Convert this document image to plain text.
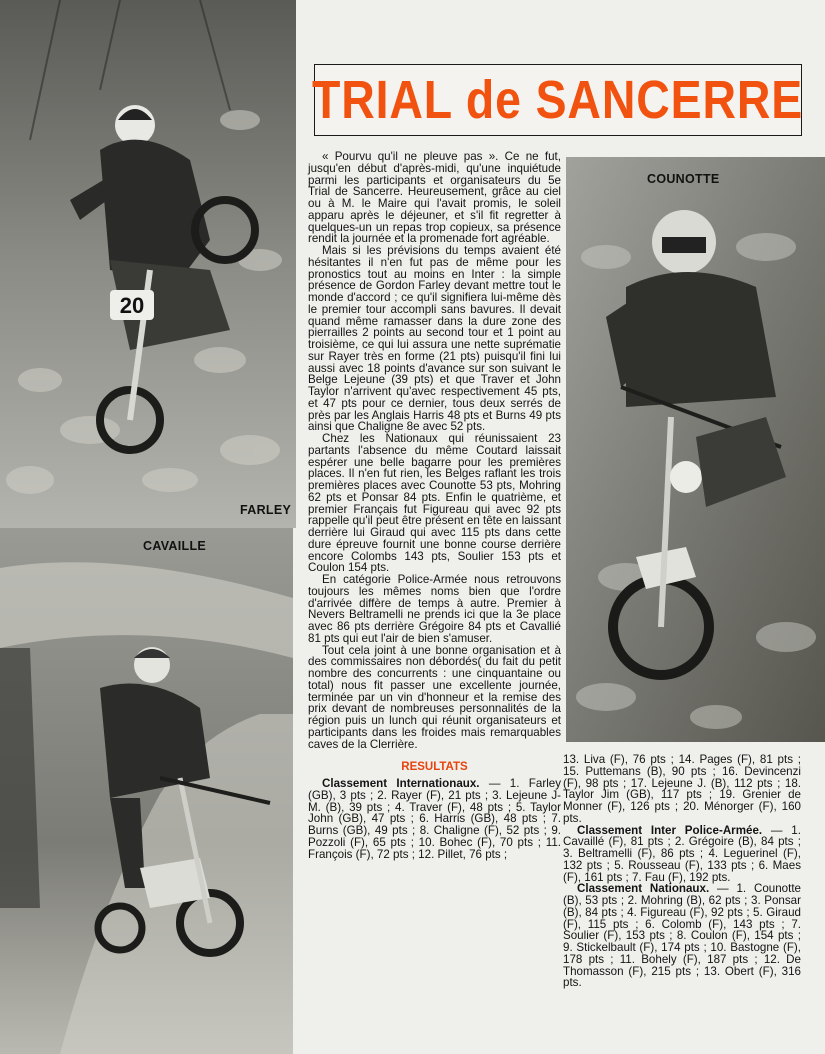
20
FARLEY
CAVAILLE
COUNOTTE
TRIAL de SANCERRE

« Pourvu qu'il ne pleuve pas ». Ce ne fut, jusqu'en début d'après-midi, qu'une inquiétude parmi les participants et organisateurs du 5e Trial de Sancerre. Heureusement, grâce au ciel ou à M. le Maire qui l'avait promis, le soleil apparu après le déjeuner, et s'il fit regretter à quelques-un un repas trop copieux, sa présence rendit la journée et la promenade fort agréable.

Mais si les prévisions du temps avaient été hésitantes il n'en fut pas de même pour les pronostics tout au moins en Inter : la simple présence de Gordon Farley devant mettre tout le monde d'accord ; ce qu'il signifiera lui-même dès le premier tour accompli sans bavures. Il devait quand même ramasser dans la dure zone des pierrailles 2 points au second tour et 1 point au troisième, ce qui lui assura une nette suprématie sur Rayer très en forme (21 pts) puisqu'il fini lui aussi avec 18 points d'avance sur son suivant le Belge Lejeune (39 pts) et que Traver et John Taylor n'arrivent qu'avec respectivement 45 pts, et 47 pts pour ce dernier, tous deux serrés de près par les Anglais Harris 48 pts et Burns 49 pts ainsi que Chaligne 8e avec 52 pts.

Chez les Nationaux qui réunissaient 23 partants l'absence du même Coutard laissait espérer une belle bagarre pour les premières places. Il n'en fut rien, les Belges raflant les trois premières places avec Counotte 53 pts, Mohring 62 pts et Ponsar 84 pts. Enfin le quatrième, et premier Français fut Figureau qui avec 92 pts rappelle qu'il peut être présent en tête en laissant derrière lui Giraud qui avec 115 pts dans cette dure épreuve fournit une bonne course derrière encore Colombs 143 pts, Soulier 153 pts et Coulon 154 pts.

En catégorie Police-Armée nous retrouvons toujours les mêmes noms bien que l'ordre d'arrivée diffère de temps à autre. Premier à Nevers Beltramelli ne prends ici que la 3e place avec 86 pts derrière Grégoire 84 pts et Cavallié 81 pts qui eut l'air de bien s'amuser.

Tout cela joint à une bonne organisation et à des commissaires non débordés( du fait du petit nombre des concurrents : une cinquantaine ou total) nous fit passer une excellente journée, terminée par un vin d'honneur et la remise des prix devant de nombreuses personnalités de la région puis un lunch qui réunit organisateurs et participants dans les froides mais remarquables caves de la Clerrière.

RESULTATS

Classement Internationaux. — 1. Farley (GB), 3 pts ; 2. Rayer (F), 21 pts ; 3. Lejeune J-M. (B), 39 pts ; 4. Traver (F), 48 pts ; 5. Taylor John (GB), 47 pts ; 6. Harris (GB), 48 pts ; 7. Burns (GB), 49 pts ; 8. Chaligne (F), 52 pts ; 9. Pozzoli (F), 65 pts ; 10. Bohec (F), 70 pts ; 11. François (F), 72 pts ; 12. Pillet, 76 pts ;

13. Liva (F), 76 pts ; 14. Pages (F), 81 pts ; 15. Puttemans (B), 90 pts ; 16. Devincenzi (F), 98 pts ; 17. Lejeune J. (B), 112 pts ; 18. Taylor Jim (GB), 117 pts ; 19. Grenier de Monner (F), 126 pts ; 20. Ménorger (F), 160 pts.

Classement Inter Police-Armée. — 1. Cavaillé (F), 81 pts ; 2. Grégoire (B), 84 pts ; 3. Beltramelli (F), 86 pts ; 4. Leguerinel (F), 132 pts ; 5. Rousseau (F), 133 pts ; 6. Maes (F), 161 pts ; 7. Fau (F), 192 pts.

Classement Nationaux. — 1. Counotte (B), 53 pts ; 2. Mohring (B), 62 pts ; 3. Ponsar (B), 84 pts ; 4. Figureau (F), 92 pts ; 5. Giraud (F), 115 pts ; 6. Colomb (F), 143 pts ; 7. Soulier (F), 153 pts ; 8. Coulon (F), 154 pts ; 9. Stickelbault (F), 174 pts ; 10. Bastogne (F), 178 pts ; 11. Bohely (F), 187 pts ; 12. De Thomasson (F), 215 pts ; 13. Obert (F), 316 pts.
